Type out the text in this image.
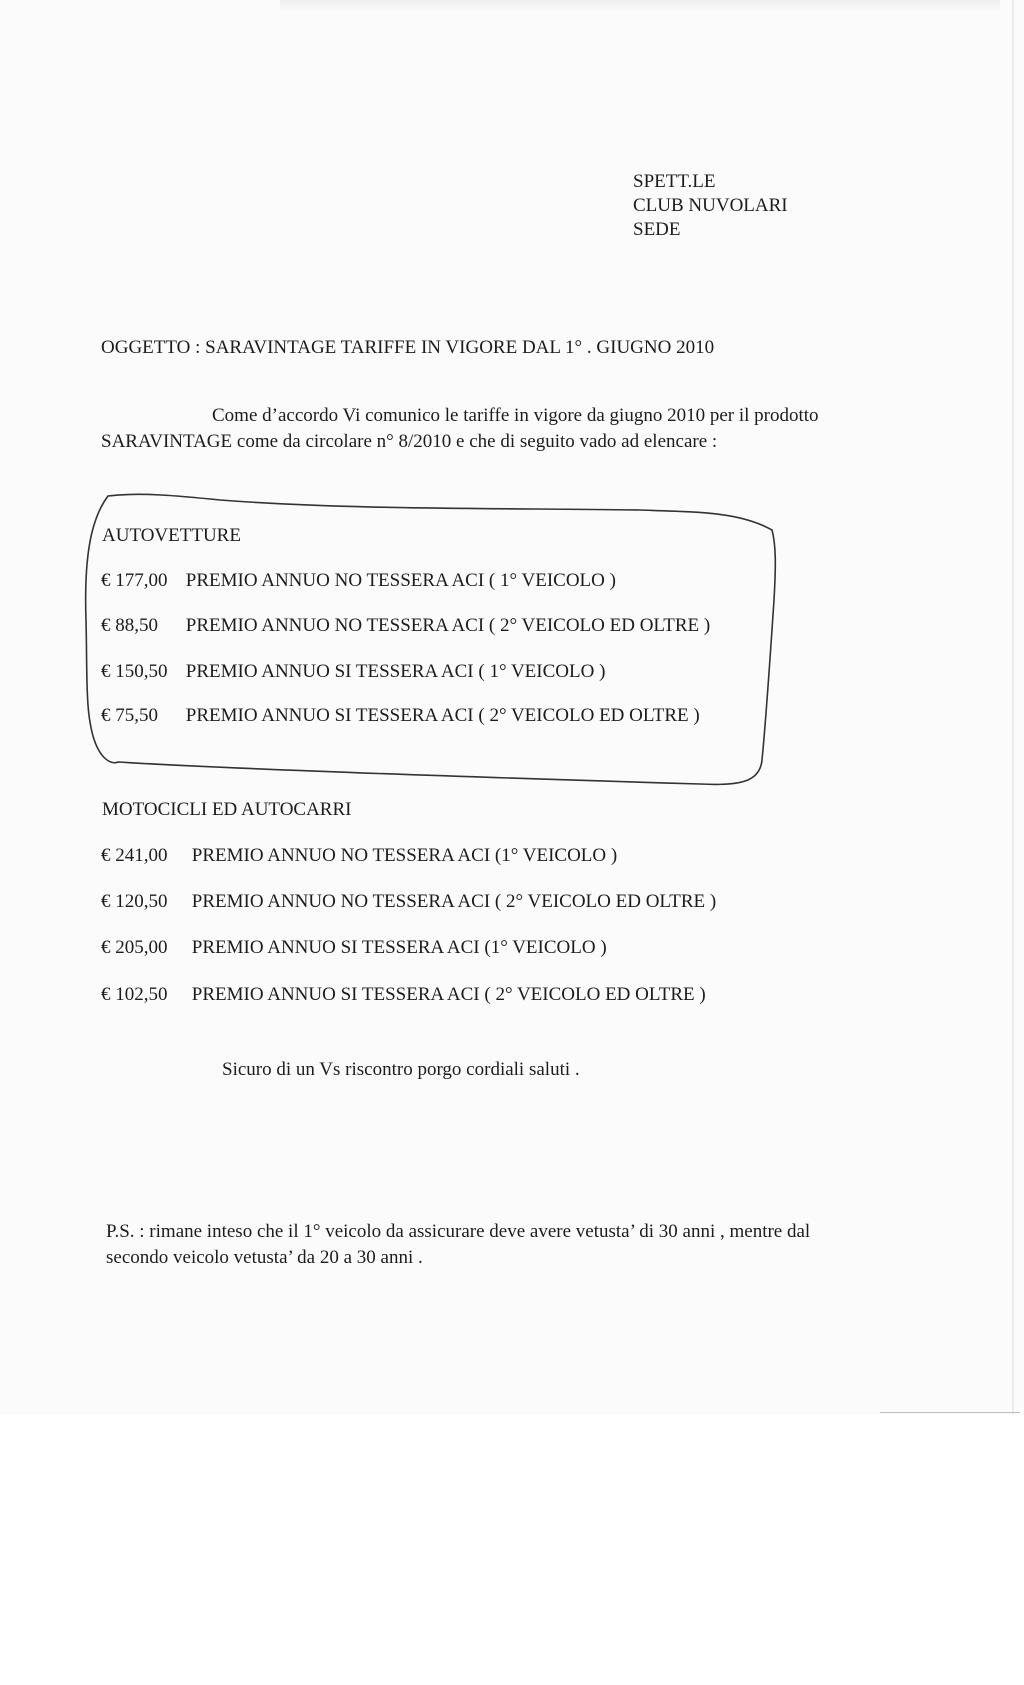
SPETT.LE

CLUB NUVOLARI

SEDE

OGGETTO : SARAVINTAGE TARIFFE IN VIGORE DAL 1° . GIUGNO 2010

Come d’accordo Vi comunico le tariffe in vigore da giugno 2010 per il prodotto

SARAVINTAGE come da circolare n° 8/2010 e che di seguito vado ad elencare :

AUTOVETTURE

€ 177,00 PREMIO ANNUO NO TESSERA ACI ( 1° VEICOLO )

€ 88,50 PREMIO ANNUO NO TESSERA ACI ( 2° VEICOLO ED OLTRE )

€ 150,50 PREMIO ANNUO SI TESSERA ACI ( 1° VEICOLO )

€ 75,50 PREMIO ANNUO SI TESSERA ACI ( 2° VEICOLO ED OLTRE )

MOTOCICLI ED AUTOCARRI

€ 241,00 PREMIO ANNUO NO TESSERA ACI (1° VEICOLO )

€ 120,50 PREMIO ANNUO NO TESSERA ACI ( 2° VEICOLO ED OLTRE )

€ 205,00 PREMIO ANNUO SI TESSERA ACI (1° VEICOLO )

€ 102,50 PREMIO ANNUO SI TESSERA ACI ( 2° VEICOLO ED OLTRE )

Sicuro di un Vs riscontro porgo cordiali saluti .

P.S. : rimane inteso che il 1° veicolo da assicurare deve avere vetusta’ di 30 anni , mentre dal

secondo veicolo vetusta’ da 20 a 30 anni .
